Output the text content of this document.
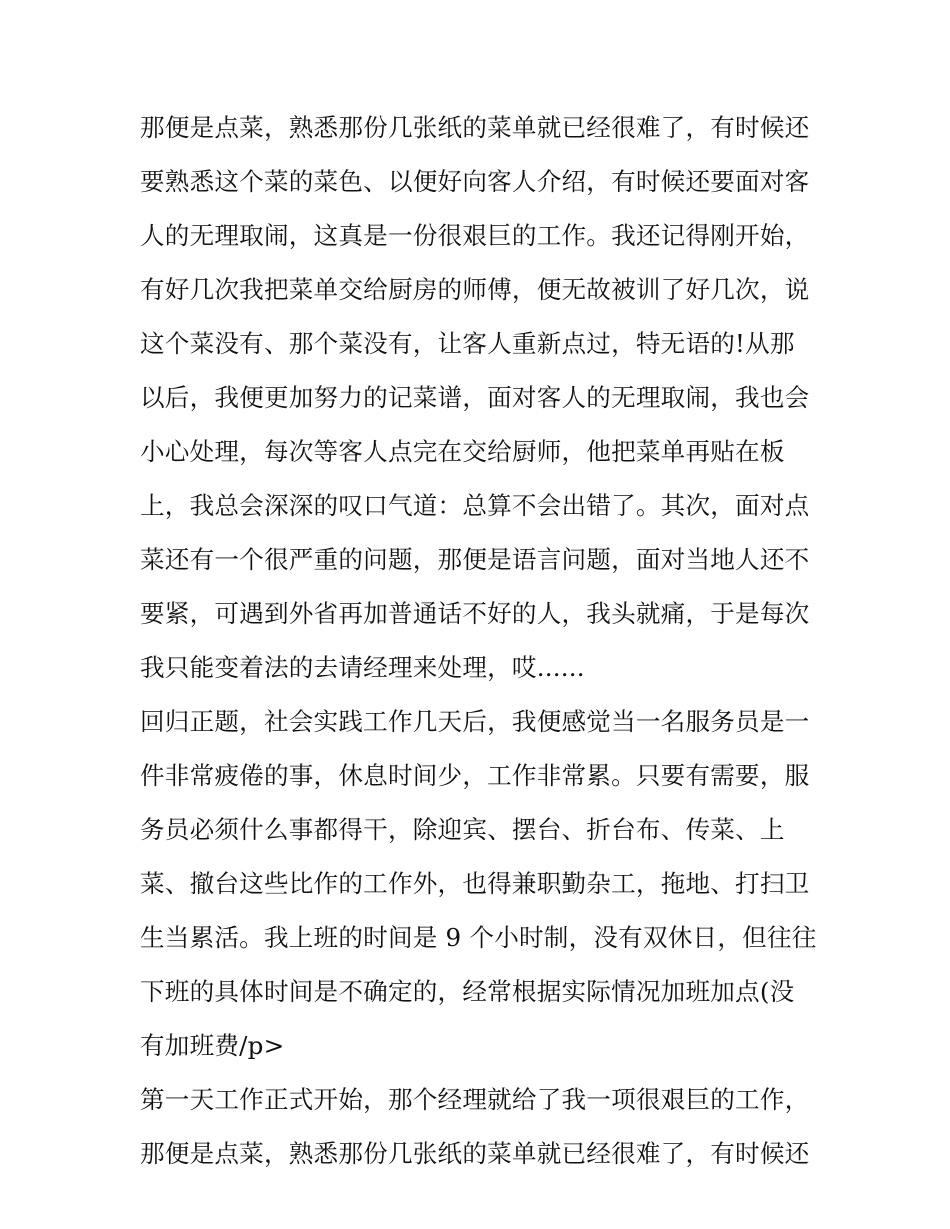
那便是点菜，熟悉那份几张纸的菜单就已经很难了，有时候还
要熟悉这个菜的菜色、以便好向客人介绍，有时候还要面对客
人的无理取闹，这真是一份很艰巨的工作。我还记得刚开始，
有好几次我把菜单交给厨房的师傅，便无故被训了好几次，说
这个菜没有、那个菜没有，让客人重新点过，特无语的!从那
以后，我便更加努力的记菜谱，面对客人的无理取闹，我也会
小心处理，每次等客人点完在交给厨师，他把菜单再贴在板
上，我总会深深的叹口气道：总算不会出错了。其次，面对点
菜还有一个很严重的问题，那便是语言问题，面对当地人还不
要紧，可遇到外省再加普通话不好的人，我头就痛，于是每次
我只能变着法的去请经理来处理，哎......
回归正题，社会实践工作几天后，我便感觉当一名服务员是一
件非常疲倦的事，休息时间少，工作非常累。只要有需要，服
务员必须什么事都得干，除迎宾、摆台、折台布、传菜、上
菜、撤台这些比作的工作外，也得兼职勤杂工，拖地、打扫卫
生当累活。我上班的时间是 9 个小时制，没有双休日，但往往
下班的具体时间是不确定的，经常根据实际情况加班加点(没
有加班费/p>
第一天工作正式开始，那个经理就给了我一项很艰巨的工作，
那便是点菜，熟悉那份几张纸的菜单就已经很难了，有时候还
